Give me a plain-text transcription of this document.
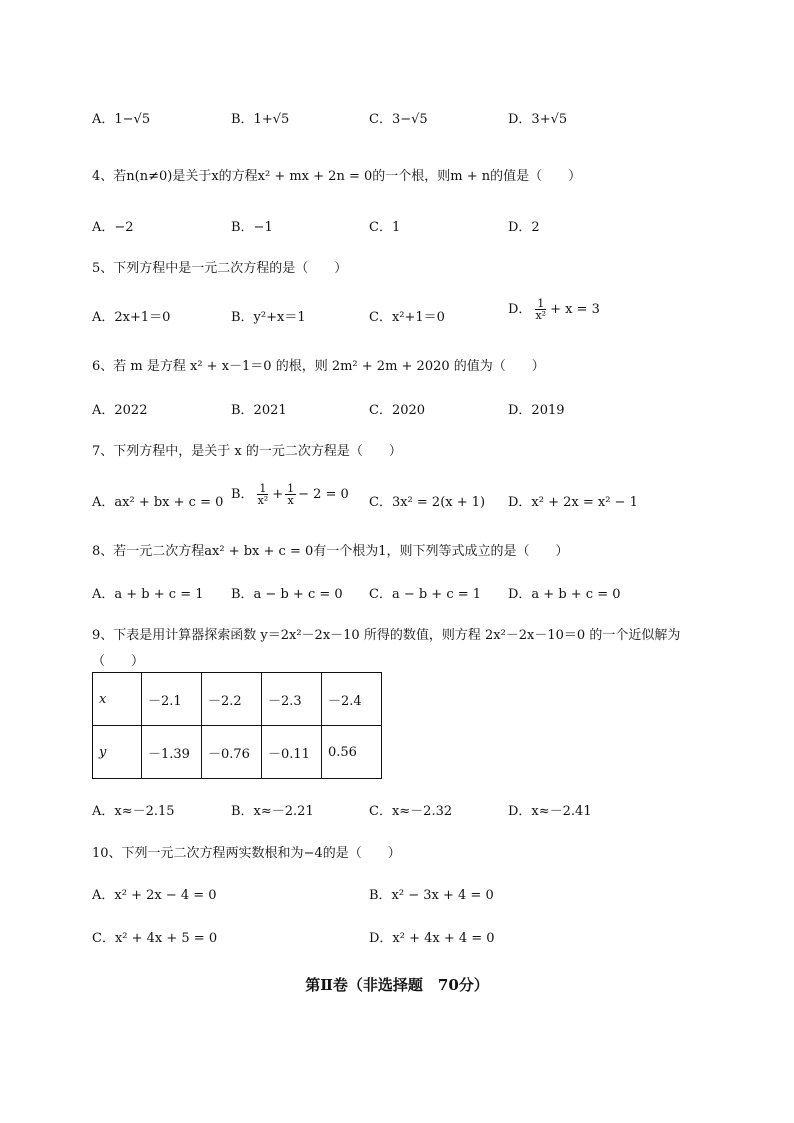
A．1−√5	B．1+√5	C．3−√5	D．3+√5
4、若n(n≠0)是关于x的方程x² + mx + 2n = 0的一个根，则m + n的值是（　　）
A．−2	B．−1	C．1	D．2
5、下列方程中是一元二次方程的是（　　）
A．2x+1＝0	B．y²+x＝1	C．x²+1＝0
D． $\frac{1}{\text{x²}} + x = 3$
6、若 m 是方程 x² + x－1＝0 的根，则 2m² + 2m + 2020 的值为（　　）
A．2022	B．2021	C．2020	D．2019
7、下列方程中，是关于 x 的一元二次方程是（　　）
A．ax² + bx + c = 0
B． $\frac{1}{\text{x²}} + \frac{1}{x} - 2 = 0$
C．3x² = 2(x + 1) D．x² + 2x = x² − 1
8、若一元二次方程ax² + bx + c = 0有一个根为1，则下列等式成立的是（　　）
A．a + b + c = 1 B．a − b + c = 0 C．a − b + c = 1 D．a + b + c = 0
9、下表是用计算器探索函数 y＝2x²－2x－10 所得的数值，则方程 2x²－2x－10＝0 的一个近似解为
（　　）
x	－2.1	－2.2	－2.3	－2.4
y	－1.39	－0.76	－0.11	0.56
A．x≈－2.15	B．x≈－2.21	C．x≈－2.32	D．x≈－2.41
10、下列一元二次方程两实数根和为−4的是（　　）
A．x² + 2x − 4 = 0	B．x² − 3x + 4 = 0
C．x² + 4x + 5 = 0	D．x² + 4x + 4 = 0
第Ⅱ卷（非选择题　70分）
